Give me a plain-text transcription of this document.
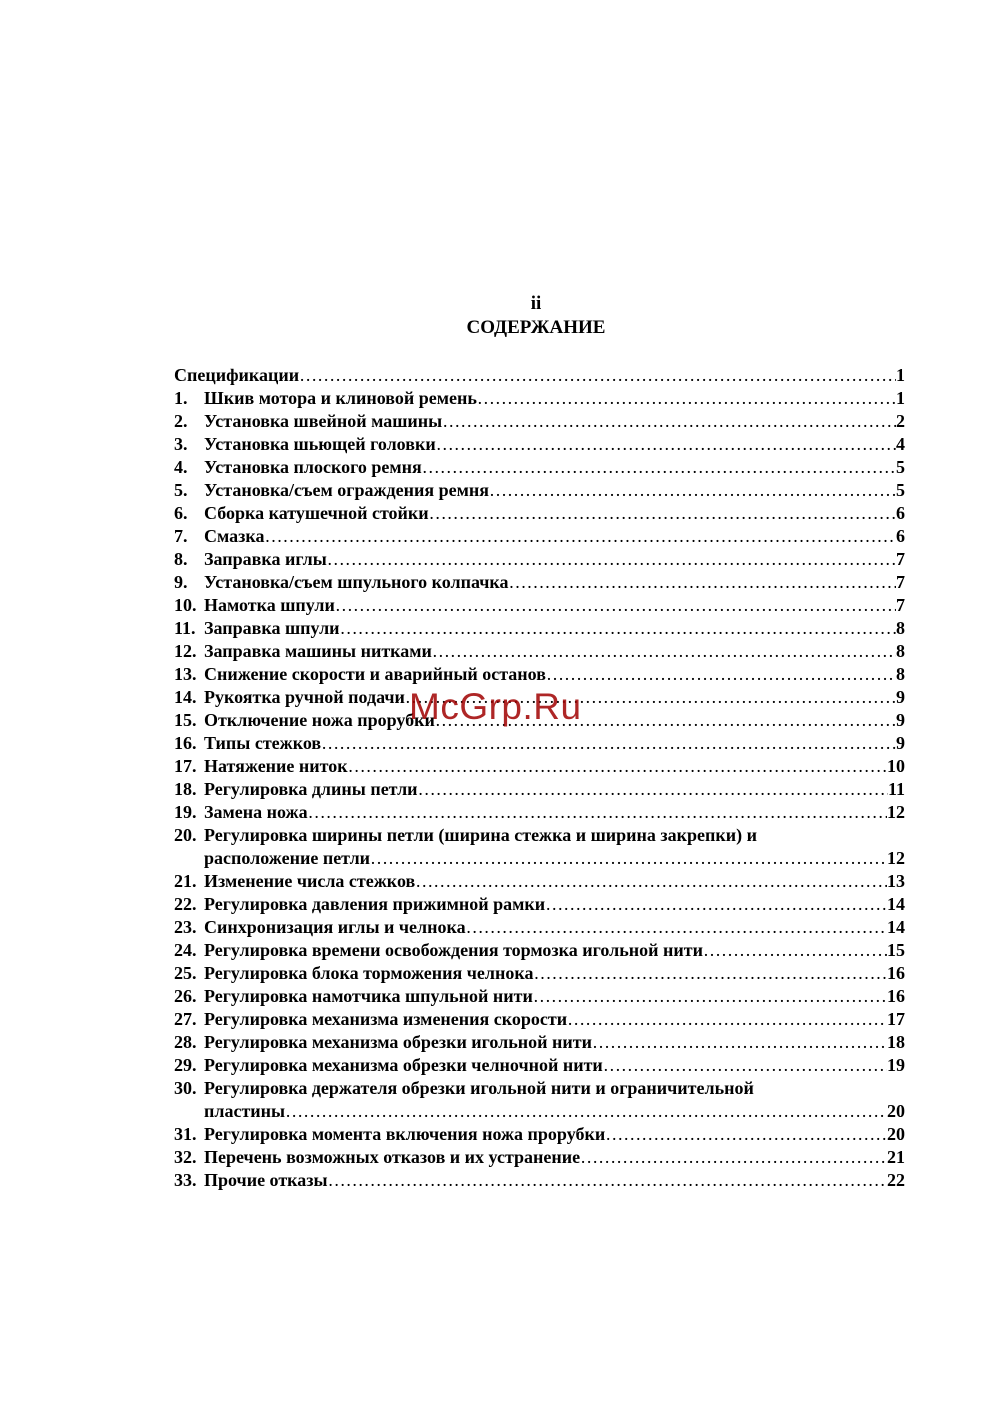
ii
СОДЕРЖАНИЕ
Спецификации ………………………………………………………………………………………………………………………………………………………………………………………………	1
1. Шкив мотора и клиновой ремень ………………………………………………………………………………………………………………………………………………………………………………………………	1
2. Установка швейной машины ………………………………………………………………………………………………………………………………………………………………………………………………	2
3. Установка шьющей головки ………………………………………………………………………………………………………………………………………………………………………………………………	4
4. Установка плоского ремня ………………………………………………………………………………………………………………………………………………………………………………………………	5
5. Установка/съем ограждения ремня ………………………………………………………………………………………………………………………………………………………………………………………………	5
6. Сборка катушечной стойки ………………………………………………………………………………………………………………………………………………………………………………………………	6
7. Смазка ………………………………………………………………………………………………………………………………………………………………………………………………	6
8. Заправка иглы ………………………………………………………………………………………………………………………………………………………………………………………………	7
9. Установка/съем шпульного колпачка ………………………………………………………………………………………………………………………………………………………………………………………………	7
10. Намотка шпули ………………………………………………………………………………………………………………………………………………………………………………………………	7
11. Заправка шпули ………………………………………………………………………………………………………………………………………………………………………………………………	8
12. Заправка машины нитками ………………………………………………………………………………………………………………………………………………………………………………………………	8
13. Снижение скорости и аварийный останов ………………………………………………………………………………………………………………………………………………………………………………………………	8
14. Рукоятка ручной подачи ………………………………………………………………………………………………………………………………………………………………………………………………	9
15. Отключение ножа прорубки ………………………………………………………………………………………………………………………………………………………………………………………………	9
16. Типы стежков ………………………………………………………………………………………………………………………………………………………………………………………………	9
17. Натяжение ниток ………………………………………………………………………………………………………………………………………………………………………………………………	10
18. Регулировка длины петли ………………………………………………………………………………………………………………………………………………………………………………………………	11
19. Замена ножа ………………………………………………………………………………………………………………………………………………………………………………………………	12
20. Регулировка ширины петли (ширина стежка и ширина закрепки) и
расположение петли ………………………………………………………………………………………………………………………………………………………………………………………………	12
21. Изменение числа стежков ………………………………………………………………………………………………………………………………………………………………………………………………	13
22. Регулировка давления прижимной рамки ………………………………………………………………………………………………………………………………………………………………………………………………	14
23. Синхронизация иглы и челнока ………………………………………………………………………………………………………………………………………………………………………………………………	14
24. Регулировка времени освобождения тормозка игольной нити ………………………………………………………………………………………………………………………………………………………………………………………………	15
25. Регулировка блока торможения челнока ………………………………………………………………………………………………………………………………………………………………………………………………	16
26. Регулировка намотчика шпульной нити ………………………………………………………………………………………………………………………………………………………………………………………………	16
27. Регулировка механизма изменения скорости ………………………………………………………………………………………………………………………………………………………………………………………………	17
28. Регулировка механизма обрезки игольной нити ………………………………………………………………………………………………………………………………………………………………………………………………	18
29. Регулировка механизма обрезки челночной нити ………………………………………………………………………………………………………………………………………………………………………………………………	19
30. Регулировка держателя обрезки игольной нити и ограничительной
пластины ………………………………………………………………………………………………………………………………………………………………………………………………	20
31. Регулировка момента включения ножа прорубки ………………………………………………………………………………………………………………………………………………………………………………………………	20
32. Перечень возможных отказов и их устранение ………………………………………………………………………………………………………………………………………………………………………………………………	21
33. Прочие отказы ………………………………………………………………………………………………………………………………………………………………………………………………	22
McGrp.Ru
